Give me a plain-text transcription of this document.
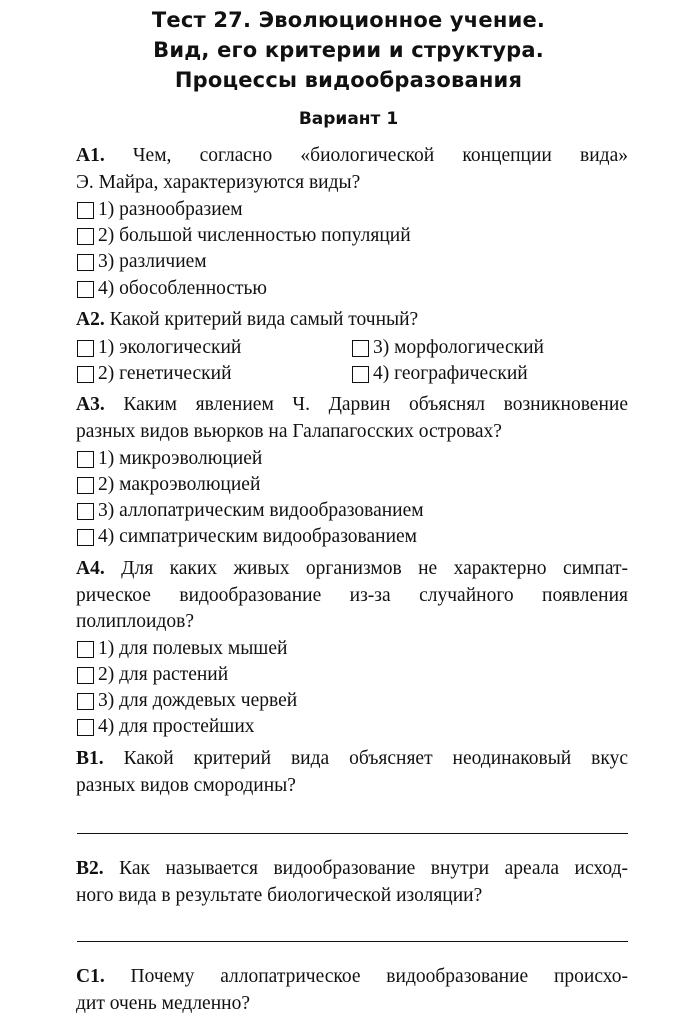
Тест 27. Эволюционное учение.
Вид, его критерии и структура.
Процессы видообразования
Вариант 1
А1. Чем, согласно «биологической концепции вида»
Э. Майра, характеризуются виды?
1) разнообразием
2) большой численностью популяций
3) различием
4) обособленностью
А2. Какой критерий вида самый точный?
1) экологический
2) генетический
3) морфологический
4) географический
А3. Каким явлением Ч. Дарвин объяснял возникновение
разных видов вьюрков на Галапагосских островах?
1) микроэволюцией
2) макроэволюцией
3) аллопатрическим видообразованием
4) симпатрическим видообразованием
А4. Для каких живых организмов не характерно симпат-
рическое видообразование из-за случайного появления
полиплоидов?
1) для полевых мышей
2) для растений
3) для дождевых червей
4) для простейших
В1. Какой критерий вида объясняет неодинаковый вкус
разных видов смородины?
В2. Как называется видообразование внутри ареала исход-
ного вида в результате биологической изоляции?
С1. Почему аллопатрическое видообразование происхо-
дит очень медленно?
